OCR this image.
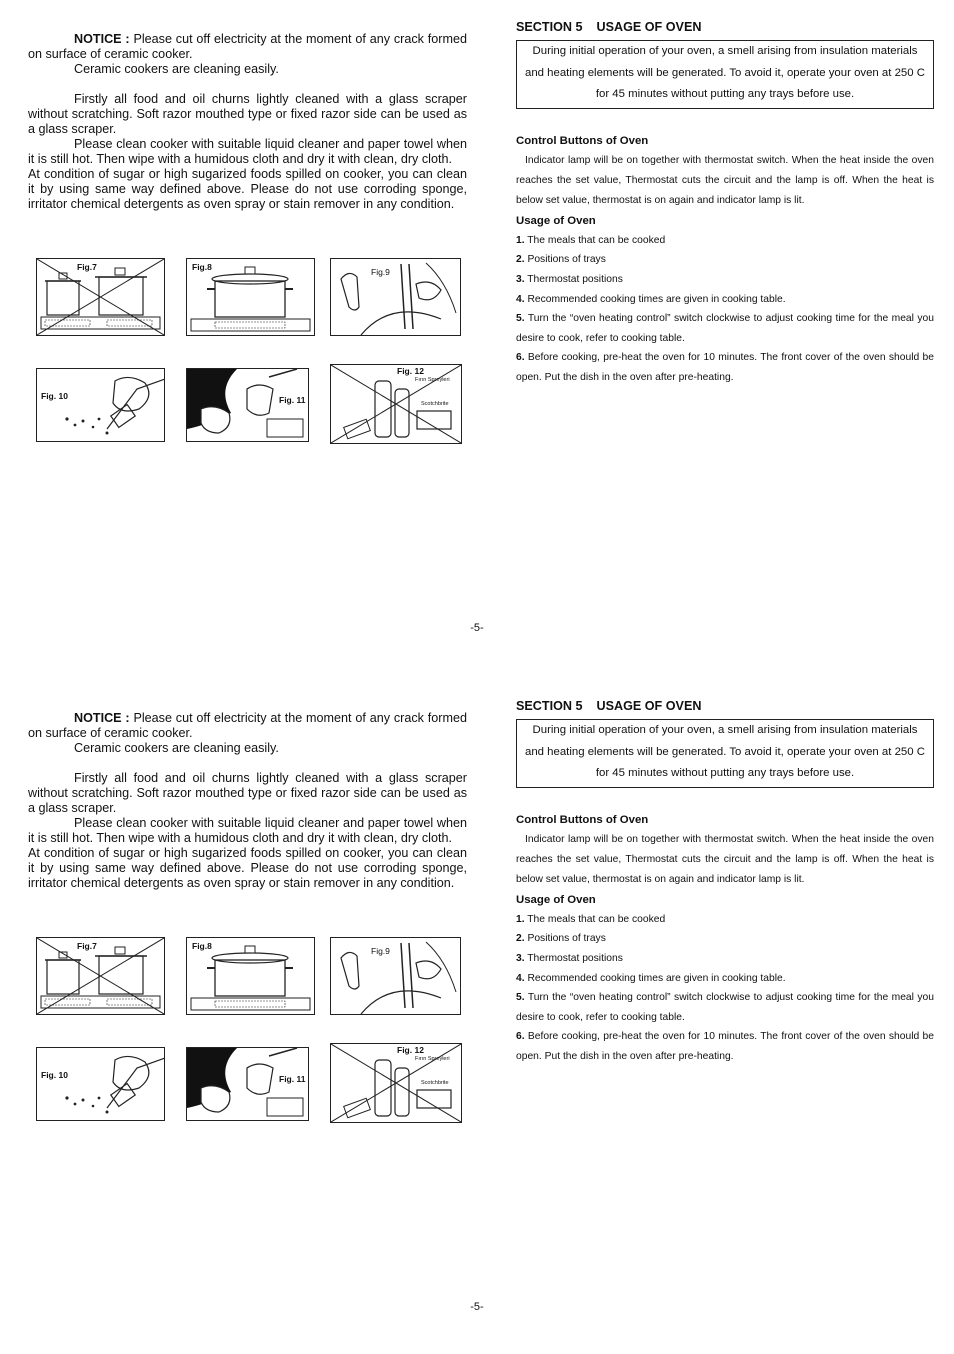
NOTICE : Please cut off electricity at the moment of any crack formed on surface of ceramic cooker.

Ceramic cookers are cleaning easily.

Firstly all food and oil churns lightly cleaned with a glass scraper without scratching. Soft razor mouthed type or fixed razor side can be used as a glass scraper.

Please clean cooker with suitable liquid cleaner and paper towel when it is still hot. Then wipe with a humidous cloth and dry it with clean, dry cloth.

At condition of sugar or high sugarized foods spilled on cooker, you can clean it by using same way defined above. Please do not use corroding sponge, irritator chemical detergents as oven spray or stain remover in any condition.

Fig.7	Fig.8	Fig.9
Fig. 10	Fig. 11
Fig. 12
Fırın Spreyleri
Scotchbrite

SECTION 5    USAGE OF OVEN

During initial operation of your oven, a smell arising from insulation materials and heating elements will be generated. To avoid it, operate your oven at 250 C for 45 minutes without putting any trays before use.

Control Buttons of Oven

Indicator lamp will be on together with thermostat switch. When the heat inside the oven reaches the set value, Thermostat cuts the circuit and the lamp is off. When the heat is below set value, thermostat is on again and indicator lamp is lit.

Usage of Oven

1. The meals that can be cooked
2. Positions of trays
3. Thermostat positions
4. Recommended cooking times are given in cooking table.
5. Turn the “oven heating control” switch clockwise to adjust cooking time for the meal you desire to cook, refer to cooking table.
6. Before cooking, pre-heat the oven for 10 minutes. The front cover of the oven should be open. Put the dish in the oven after pre-heating.
-5-

NOTICE : Please cut off electricity at the moment of any crack formed on surface of ceramic cooker.

Ceramic cookers are cleaning easily.

Firstly all food and oil churns lightly cleaned with a glass scraper without scratching. Soft razor mouthed type or fixed razor side can be used as a glass scraper.

Please clean cooker with suitable liquid cleaner and paper towel when it is still hot. Then wipe with a humidous cloth and dry it with clean, dry cloth.

At condition of sugar or high sugarized foods spilled on cooker, you can clean it by using same way defined above. Please do not use corroding sponge, irritator chemical detergents as oven spray or stain remover in any condition.

Fig.7	Fig.8	Fig.9
Fig. 10	Fig. 11
Fig. 12
Fırın Spreyleri
Scotchbrite

SECTION 5    USAGE OF OVEN

During initial operation of your oven, a smell arising from insulation materials and heating elements will be generated. To avoid it, operate your oven at 250 C for 45 minutes without putting any trays before use.

Control Buttons of Oven

Indicator lamp will be on together with thermostat switch. When the heat inside the oven reaches the set value, Thermostat cuts the circuit and the lamp is off. When the heat is below set value, thermostat is on again and indicator lamp is lit.

Usage of Oven

1. The meals that can be cooked
2. Positions of trays
3. Thermostat positions
4. Recommended cooking times are given in cooking table.
5. Turn the “oven heating control” switch clockwise to adjust cooking time for the meal you desire to cook, refer to cooking table.
6. Before cooking, pre-heat the oven for 10 minutes. The front cover of the oven should be open. Put the dish in the oven after pre-heating.
-5-
